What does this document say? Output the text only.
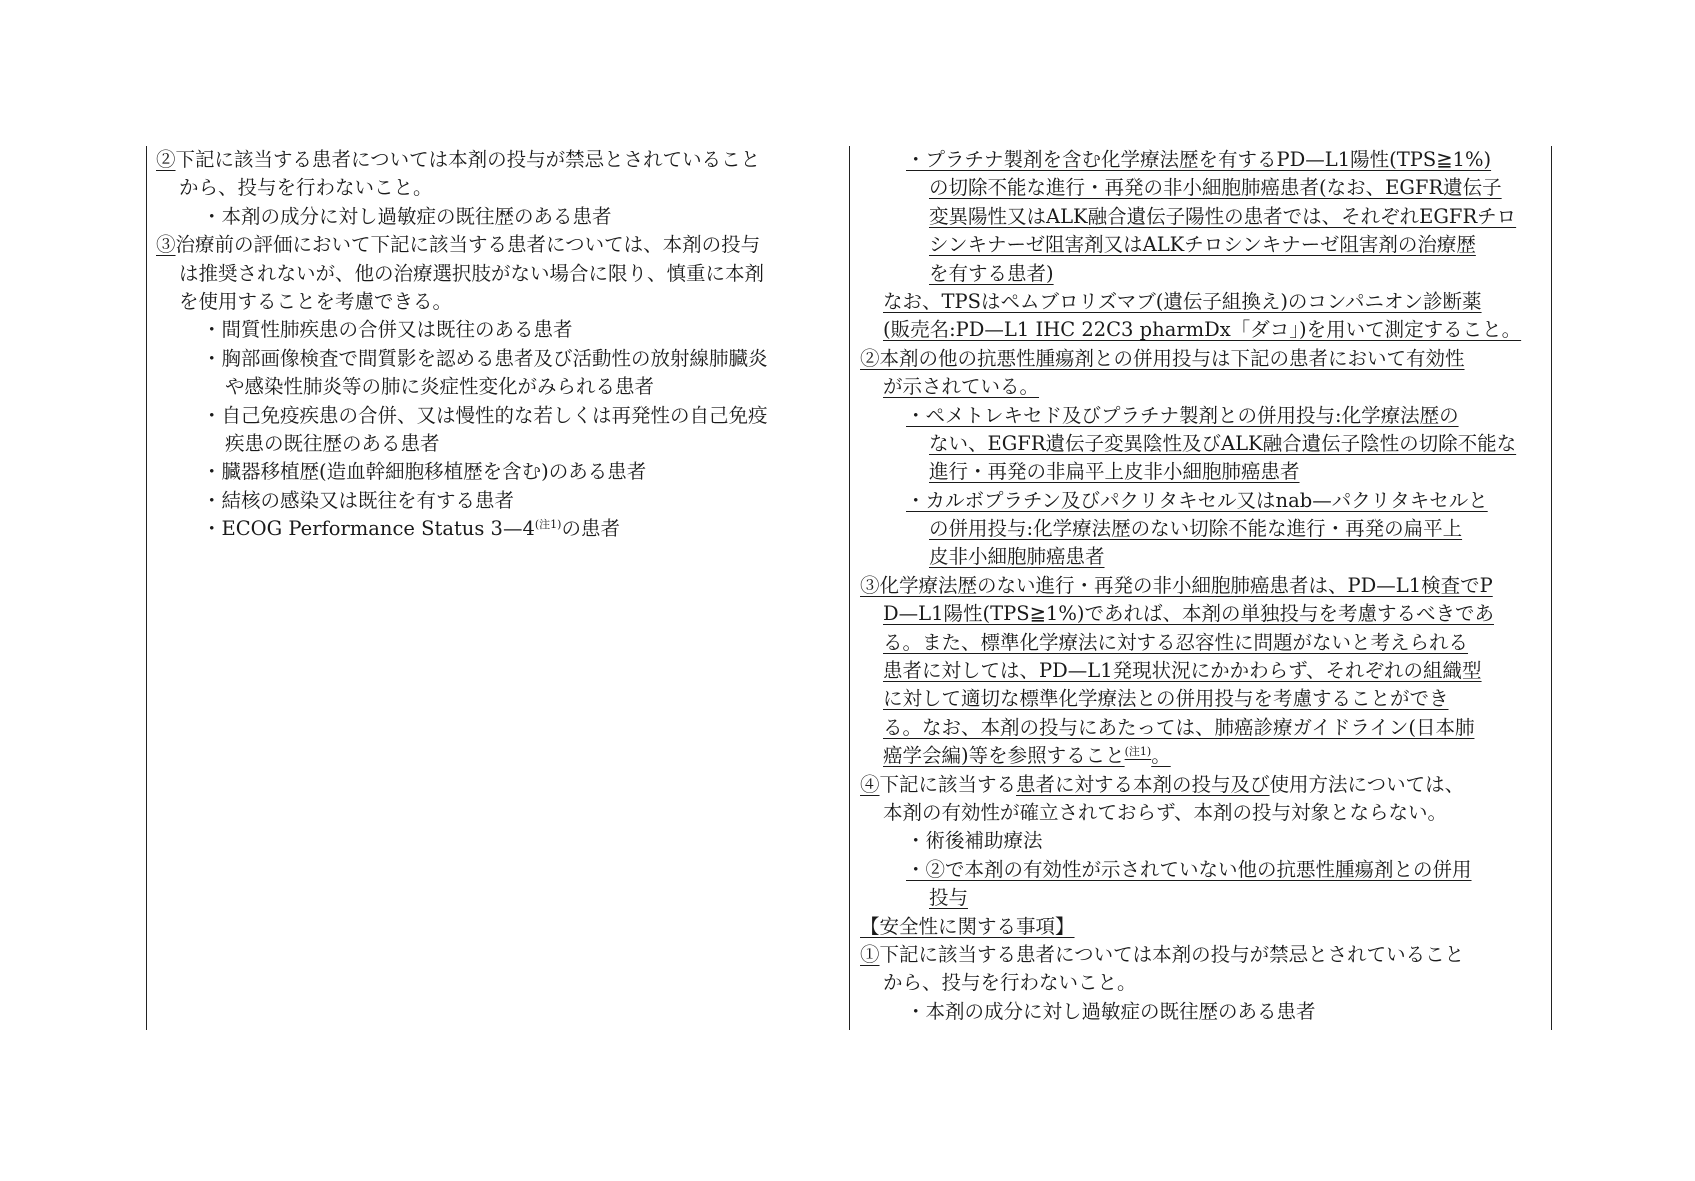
②下記に該当する患者については本剤の投与が禁忌とされていること
から、投与を行わないこと。
・本剤の成分に対し過敏症の既往歴のある患者
③治療前の評価において下記に該当する患者については、本剤の投与
は推奨されないが、他の治療選択肢がない場合に限り、慎重に本剤
を使用することを考慮できる。
・間質性肺疾患の合併又は既往のある患者
・胸部画像検査で間質影を認める患者及び活動性の放射線肺臓炎
や感染性肺炎等の肺に炎症性変化がみられる患者
・自己免疫疾患の合併、又は慢性的な若しくは再発性の自己免疫
疾患の既往歴のある患者
・臓器移植歴(造血幹細胞移植歴を含む)のある患者
・結核の感染又は既往を有する患者
・ECOG Performance Status 3—4$^{(注1)}$の患者
・プラチナ製剤を含む化学療法歴を有するPD—L1陽性(TPS≧1%)
の切除不能な進行・再発の非小細胞肺癌患者(なお、EGFR遺伝子
変異陽性又はALK融合遺伝子陽性の患者では、それぞれEGFRチロ
シンキナーゼ阻害剤又はALKチロシンキナーゼ阻害剤の治療歴
を有する患者)
なお、TPSはペムブロリズマブ(遺伝子組換え)のコンパニオン診断薬
(販売名:PD—L1 IHC 22C3 pharmDx「ダコ」)を用いて測定すること。
②本剤の他の抗悪性腫瘍剤との併用投与は下記の患者において有効性
が示されている。
・ペメトレキセド及びプラチナ製剤との併用投与:化学療法歴の
ない、EGFR遺伝子変異陰性及びALK融合遺伝子陰性の切除不能な
進行・再発の非扁平上皮非小細胞肺癌患者
・カルボプラチン及びパクリタキセル又はnab—パクリタキセルと
の併用投与:化学療法歴のない切除不能な進行・再発の扁平上
皮非小細胞肺癌患者
③化学療法歴のない進行・再発の非小細胞肺癌患者は、PD—L1検査でP
D—L1陽性(TPS≧1%)であれば、本剤の単独投与を考慮するべきであ
る。また、標準化学療法に対する忍容性に問題がないと考えられる
患者に対しては、PD—L1発現状況にかかわらず、それぞれの組織型
に対して適切な標準化学療法との併用投与を考慮することができ
る。なお、本剤の投与にあたっては、肺癌診療ガイドライン(日本肺
癌学会編)等を参照すること$^{(注1)}$。
④下記に該当する患者に対する本剤の投与及び使用方法については、
本剤の有効性が確立されておらず、本剤の投与対象とならない。
・術後補助療法
・②で本剤の有効性が示されていない他の抗悪性腫瘍剤との併用
投与
【安全性に関する事項】
①下記に該当する患者については本剤の投与が禁忌とされていること
から、投与を行わないこと。
・本剤の成分に対し過敏症の既往歴のある患者
